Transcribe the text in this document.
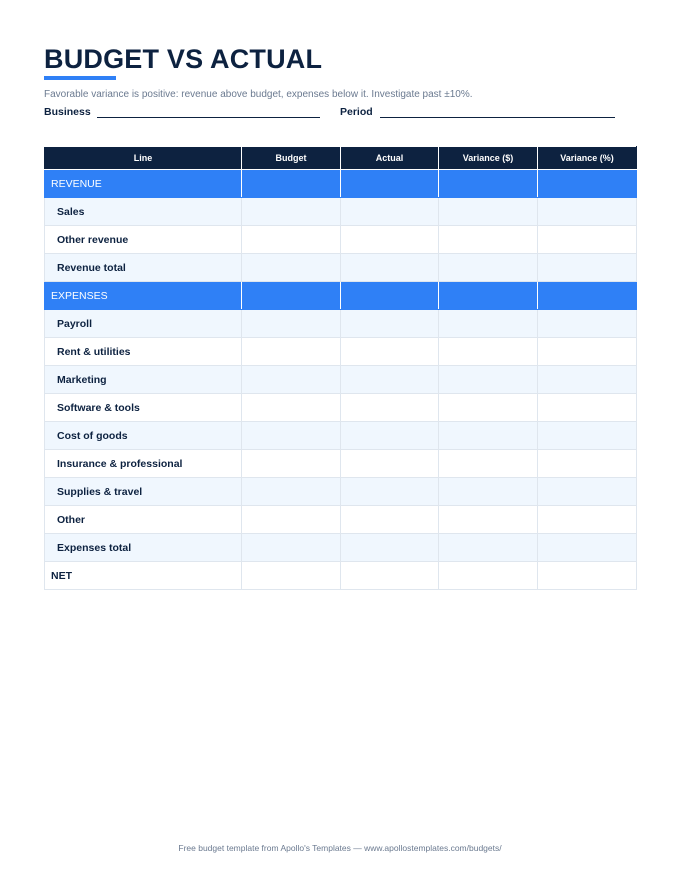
BUDGET VS ACTUAL
Favorable variance is positive: revenue above budget, expenses below it. Investigate past ±10%.
Business	Period
Line	Budget	Actual	Variance ($)	Variance (%)
REVENUE				
Sales				
Other revenue				
Revenue total				
EXPENSES				
Payroll				
Rent & utilities				
Marketing				
Software & tools				
Cost of goods				
Insurance & professional				
Supplies & travel				
Other				
Expenses total				
NET				
Free budget template from Apollo's Templates — www.apollostemplates.com/budgets/
